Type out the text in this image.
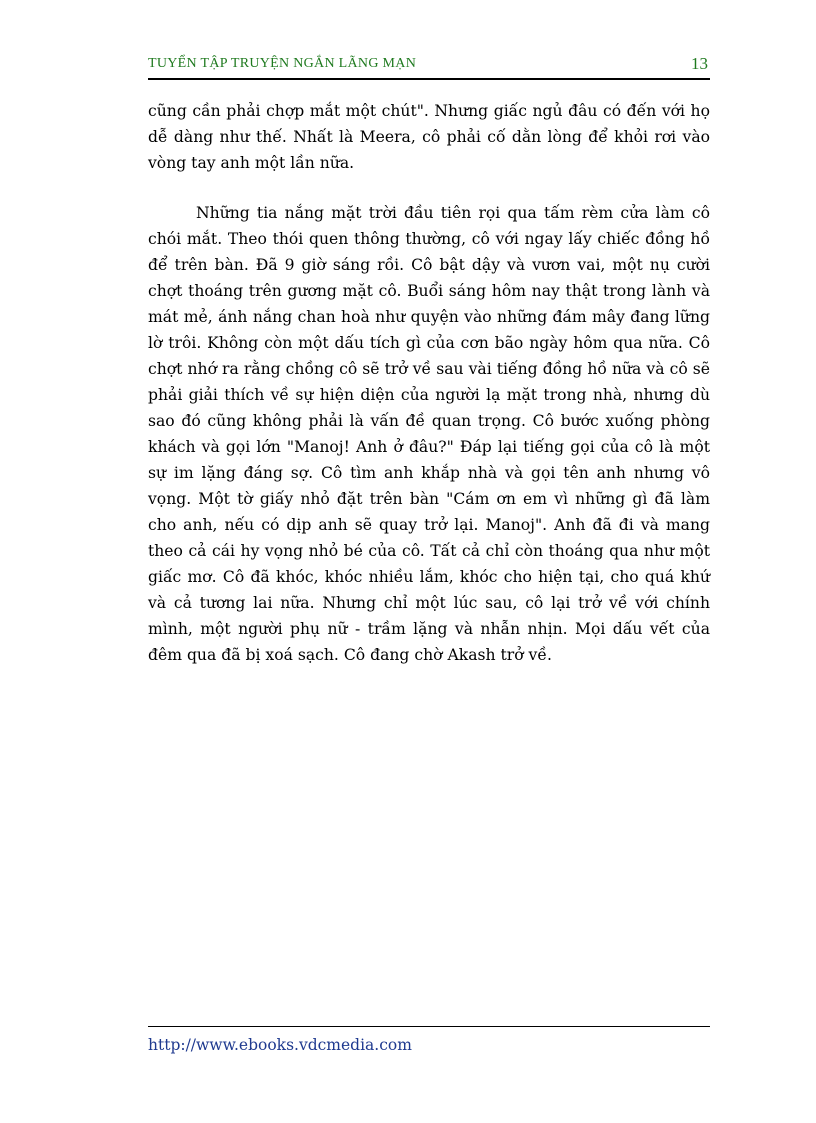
TUYỂN TẬP TRUYỆN NGẮN LÃNG MẠN	13

cũng cần phải chợp mắt một chút". Nhưng giấc ngủ đâu có đến với họ dễ dàng như thế. Nhất là Meera, cô phải cố dằn lòng để khỏi rơi vào vòng tay anh một lần nữa.

Những tia nắng mặt trời đầu tiên rọi qua tấm rèm cửa làm cô chói mắt. Theo thói quen thông thường, cô với ngay lấy chiếc đồng hồ để trên bàn. Đã 9 giờ sáng rồi. Cô bật dậy và vươn vai, một nụ cười chợt thoáng trên gương mặt cô. Buổi sáng hôm nay thật trong lành và mát mẻ, ánh nắng chan hoà như quyện vào những đám mây đang lững lờ trôi. Không còn một dấu tích gì của cơn bão ngày hôm qua nữa. Cô chợt nhớ ra rằng chồng cô sẽ trở về sau vài tiếng đồng hồ nữa và cô sẽ phải giải thích về sự hiện diện của người lạ mặt trong nhà, nhưng dù sao đó cũng không phải là vấn đề quan trọng. Cô bước xuống phòng khách và gọi lớn "Manoj! Anh ở đâu?" Đáp lại tiếng gọi của cô là một sự im lặng đáng sợ. Cô tìm anh khắp nhà và gọi tên anh nhưng vô vọng. Một tờ giấy nhỏ đặt trên bàn "Cám ơn em vì những gì đã làm cho anh, nếu có dịp anh sẽ quay trở lại. Manoj". Anh đã đi và mang theo cả cái hy vọng nhỏ bé của cô. Tất cả chỉ còn thoáng qua như một giấc mơ. Cô đã khóc, khóc nhiều lắm, khóc cho hiện tại, cho quá khứ và cả tương lai nữa. Nhưng chỉ một lúc sau, cô lại trở về với chính mình, một người phụ nữ - trầm lặng và nhẫn nhịn. Mọi dấu vết của đêm qua đã bị xoá sạch. Cô đang chờ Akash trở về.

http://www.ebooks.vdcmedia.com
